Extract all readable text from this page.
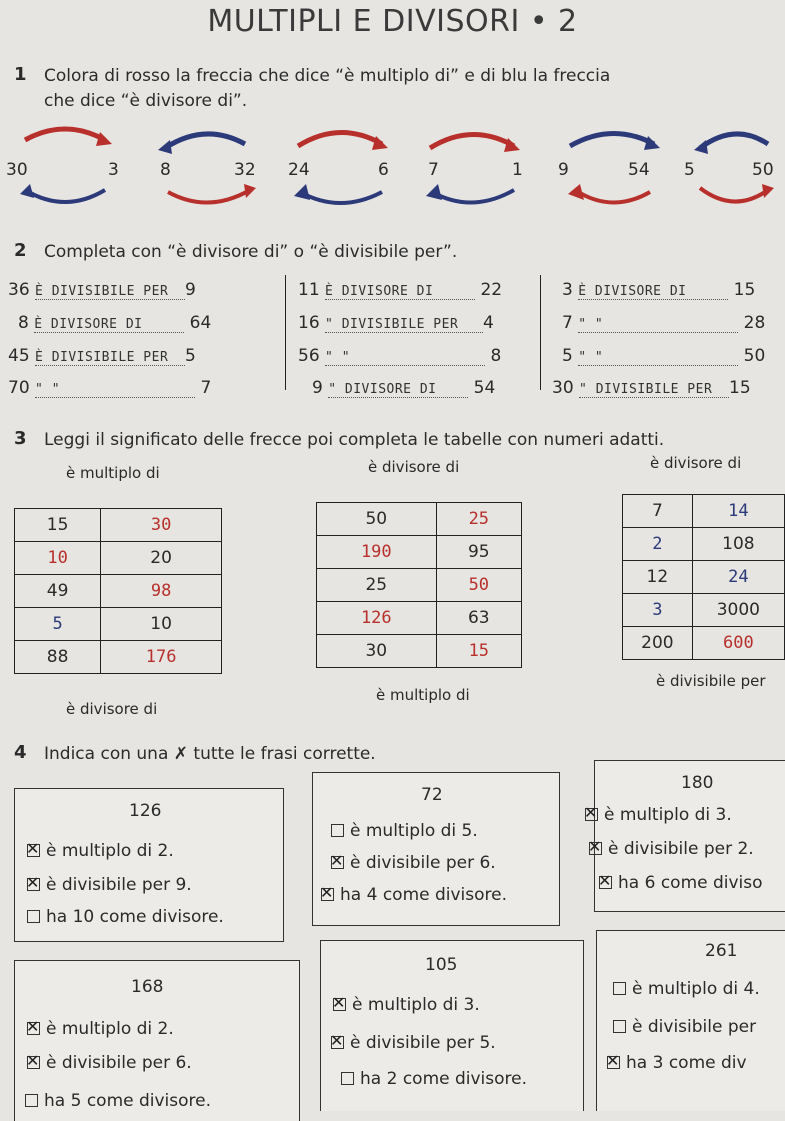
MULTIPLI E DIVISORI • 2
1 Colora di rosso la freccia che dice “è multiplo di” e di blu la freccia
che dice “è divisore di”.
30	3 8	32 24	6 7	1 9	54 5	50
2 Completa con “è divisore di” o “è divisibile per”.
36 È DIVISIBILE PER 9
8 È DIVISORE DI	64
45 È DIVISIBILE PER 5
70 " "	7
11 È DIVISORE DI	22
16 " DIVISIBILE PER 4
56 " "	8
9 " DIVISORE DI 54
3 È DIVISORE DI	15
7 " "	28
5 " "	50
30 " DIVISIBILE PER 15
3 Leggi il significato delle frecce poi completa le tabelle con numeri adatti.
è multiplo di	è divisore di	è divisore di
15	30
10	20
49	98
5	10
88	176
50	25
190	95
25	50
126	63
30	15
7	14
2	108
12	24
3	3000
200	600
è divisore di
è multiplo di
è divisibile per
4 Indica con una ✗ tutte le frasi corrette.
126
✕è multiplo di 2.
✕è divisibile per 9.
ha 10 come divisore.
72
è multiplo di 5.
✕è divisibile per 6.
✕ha 4 come divisore.
180
✕è multiplo di 3.
✕è divisibile per 2.
✕ha 6 come diviso
168
✕è multiplo di 2.
✕è divisibile per 6.
ha 5 come divisore.
105
✕è multiplo di 3.
✕è divisibile per 5.
ha 2 come divisore.
261
è multiplo di 4.
è divisibile per
✕ha 3 come div
